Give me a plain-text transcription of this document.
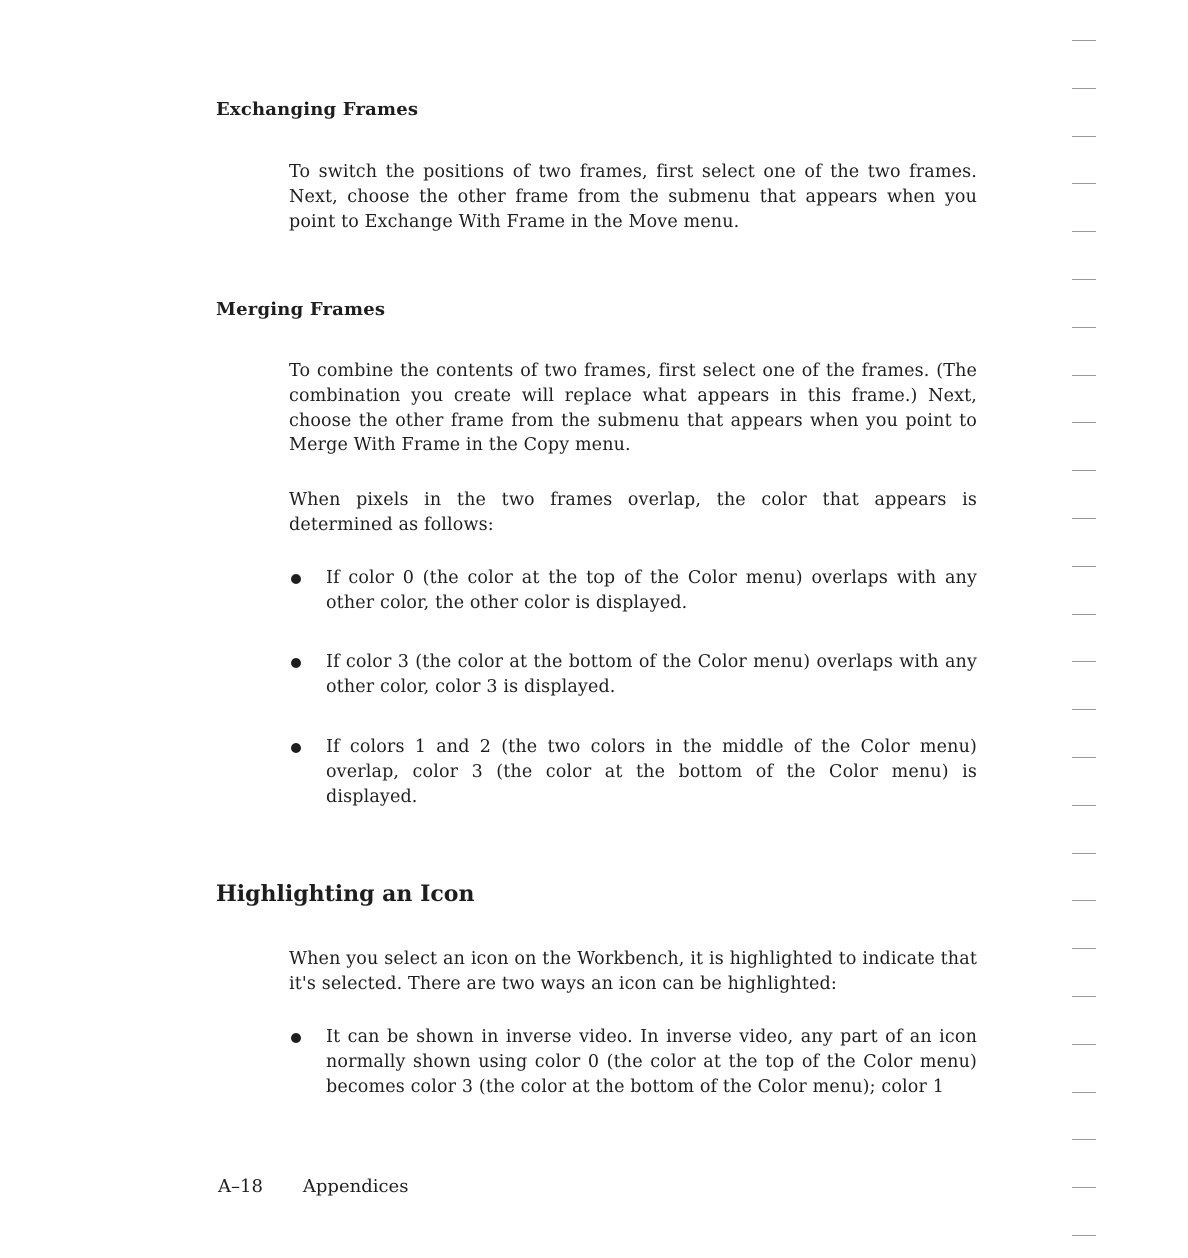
Exchanging Frames

To switch the positions of two frames, first select one of the two frames. Next, choose the other frame from the submenu that appears when you point to Exchange With Frame in the Move menu.

Merging Frames

To combine the contents of two frames, first select one of the frames. (The combination you create will replace what appears in this frame.) Next, choose the other frame from the submenu that appears when you point to Merge With Frame in the Copy menu.

When pixels in the two frames overlap, the color that appears is determined as follows:

If color 0 (the color at the top of the Color menu) overlaps with any other color, the other color is displayed.
If color 3 (the color at the bottom of the Color menu) overlaps with any other color, color 3 is displayed.
If colors 1 and 2 (the two colors in the middle of the Color menu) overlap, color 3 (the color at the bottom of the Color menu) is displayed.
Highlighting an Icon

When you select an icon on the Workbench, it is highlighted to indicate that it's selected. There are two ways an icon can be highlighted:

It can be shown in inverse video. In inverse video, any part of an icon normally shown using color 0 (the color at the top of the Color menu) becomes color 3 (the color at the bottom of the Color menu); color 1
A–18 Appendices
